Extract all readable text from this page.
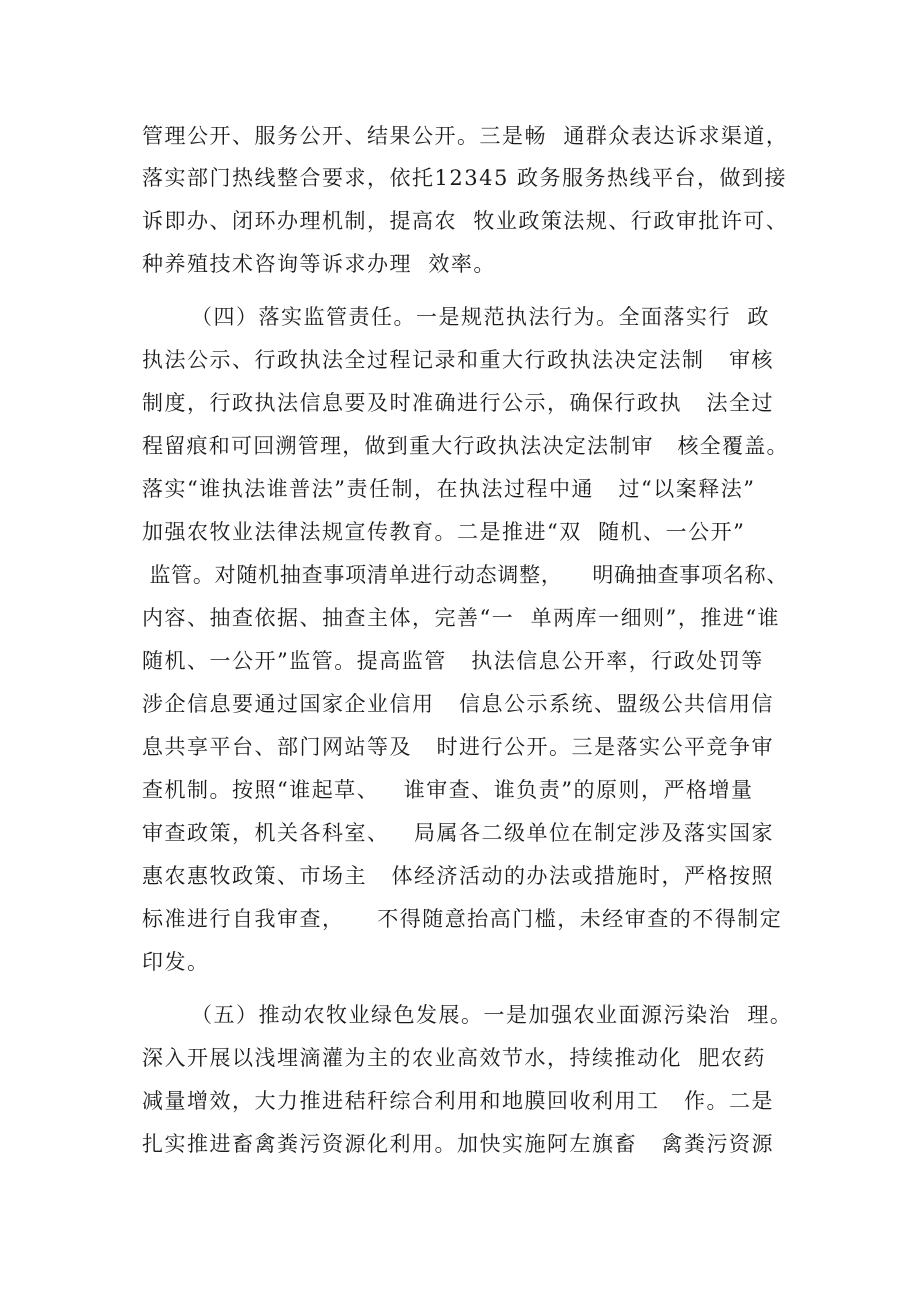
管理公开、服务公开、结果公开。三是畅  通群众表达诉求渠道，
落实部门热线整合要求，依托12345 政务服务热线平台，做到接
诉即办、闭环办理机制，提高农  牧业政策法规、行政审批许可、
种养殖技术咨询等诉求办理  效率。
（四）落实监管责任。一是规范执法行为。全面落实行  政
执法公示、行政执法全过程记录和重大行政执法决定法制   审核
制度，行政执法信息要及时准确进行公示，确保行政执   法全过
程留痕和可回溯管理，做到重大行政执法决定法制审   核全覆盖。
落实“谁执法谁普法”责任制，在执法过程中通   过“以案释法”
加强农牧业法律法规宣传教育。二是推进“双  随机、一公开”
监管。对随机抽查事项清单进行动态调整，    明确抽查事项名称、
内容、抽查依据、抽查主体，完善“一  单两库一细则”，推进“谁
随机、一公开”监管。提高监管   执法信息公开率，行政处罚等
涉企信息要通过国家企业信用   信息公示系统、盟级公共信用信
息共享平台、部门网站等及   时进行公开。三是落实公平竞争审
查机制。按照“谁起草、   谁审查、谁负责”的原则，严格增量
审查政策，机关各科室、   局属各二级单位在制定涉及落实国家
惠农惠牧政策、市场主   体经济活动的办法或措施时，严格按照
标准进行自我审查，    不得随意抬高门槛，未经审查的不得制定
印发。
（五）推动农牧业绿色发展。一是加强农业面源污染治  理。
深入开展以浅埋滴灌为主的农业高效节水，持续推动化  肥农药
减量增效，大力推进秸秆综合利用和地膜回收利用工   作。二是
扎实推进畜禽粪污资源化利用。加快实施阿左旗畜   禽粪污资源
